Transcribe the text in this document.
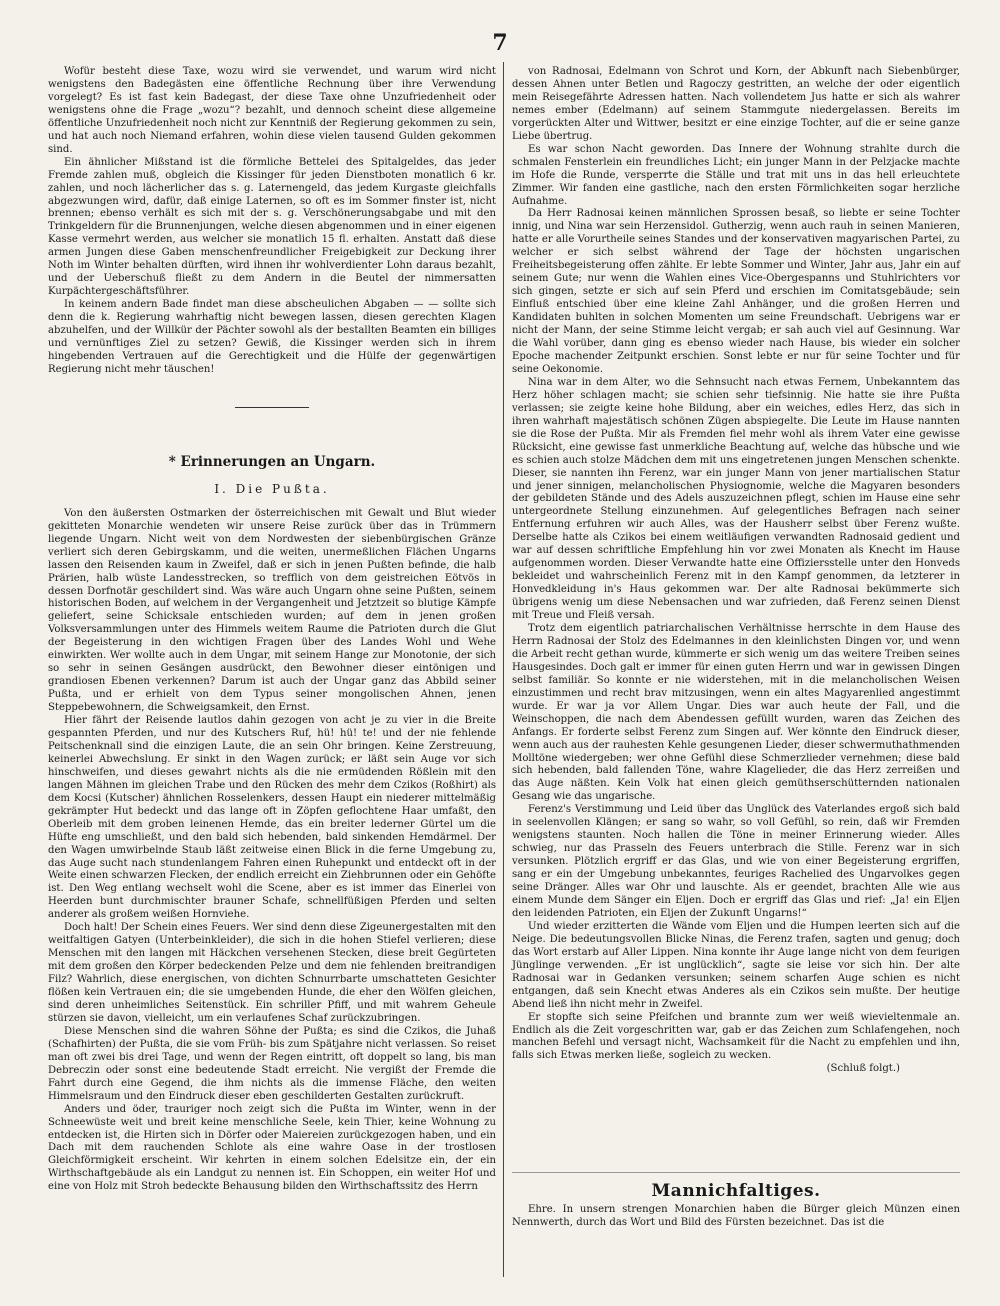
7

Wofür besteht diese Taxe, wozu wird sie verwendet, und warum wird nicht wenigstens den Badegästen eine öffentliche Rechnung über ihre Verwendung vorgelegt? Es ist fast kein Badegast, der diese Taxe ohne Unzufriedenheit oder wenigstens ohne die Frage „wozu“? bezahlt, und dennoch scheint diese allgemeine öffentliche Unzufriedenheit noch nicht zur Kenntniß der Regierung gekommen zu sein, und hat auch noch Niemand erfahren, wohin diese vielen tausend Gulden gekommen sind.

Ein ähnlicher Mißstand ist die förmliche Bettelei des Spitalgeldes, das jeder Fremde zahlen muß, obgleich die Kissinger für jeden Dienstboten monatlich 6 kr. zahlen, und noch lächerlicher das s. g. Laternengeld, das jedem Kurgaste gleichfalls abgezwungen wird, dafür, daß einige Laternen, so oft es im Sommer finster ist, nicht brennen; ebenso verhält es sich mit der s. g. Verschönerungsabgabe und mit den Trinkgeldern für die Brunnenjungen, welche diesen abgenommen und in einer eigenen Kasse vermehrt werden, aus welcher sie monatlich 15 fl. erhalten. Anstatt daß diese armen Jungen diese Gaben menschenfreundlicher Freigebigkeit zur Deckung ihrer Noth im Winter behalten dürften, wird ihnen ihr wohlverdienter Lohn daraus bezahlt, und der Ueberschuß fließt zu dem Andern in die Beutel der nimmersatten Kurpächtergeschäftsführer.

In keinem andern Bade findet man diese abscheulichen Abgaben — — sollte sich denn die k. Regierung wahrhaftig nicht bewegen lassen, diesen gerechten Klagen abzuhelfen, und der Willkür der Pächter sowohl als der bestallten Beamten ein billiges und vernünftiges Ziel zu setzen? Gewiß, die Kissinger werden sich in ihrem hingebenden Vertrauen auf die Gerechtigkeit und die Hülfe der gegenwärtigen Regierung nicht mehr täuschen!

* Erinnerungen an Ungarn.
I. Die Pußta.

Von den äußersten Ostmarken der österreichischen mit Gewalt und Blut wieder gekitteten Monarchie wendeten wir unsere Reise zurück über das in Trümmern liegende Ungarn. Nicht weit von dem Nordwesten der siebenbürgischen Gränze verliert sich deren Gebirgskamm, und die weiten, unermeßlichen Flächen Ungarns lassen den Reisenden kaum in Zweifel, daß er sich in jenen Pußten befinde, die halb Prärien, halb wüste Landesstrecken, so trefflich von dem geistreichen Eötvös in dessen Dorfnotär geschildert sind. Was wäre auch Ungarn ohne seine Pußten, seinem historischen Boden, auf welchem in der Vergangenheit und Jetztzeit so blutige Kämpfe geliefert, seine Schicksale entschieden wurden; auf dem in jenen großen Volksversammlungen unter des Himmels weitem Raume die Patrioten durch die Glut der Begeisterung in den wichtigen Fragen über des Landes Wohl und Wehe einwirkten. Wer wollte auch in dem Ungar, mit seinem Hange zur Monotonie, der sich so sehr in seinen Gesängen ausdrückt, den Bewohner dieser eintönigen und grandiosen Ebenen verkennen? Darum ist auch der Ungar ganz das Abbild seiner Pußta, und er erhielt von dem Typus seiner mongolischen Ahnen, jenen Steppebewohnern, die Schweigsamkeit, den Ernst.

Hier fährt der Reisende lautlos dahin gezogen von acht je zu vier in die Breite gespannten Pferden, und nur des Kutschers Ruf, hü! hü! te! und der nie fehlende Peitschenknall sind die einzigen Laute, die an sein Ohr bringen. Keine Zerstreuung, keinerlei Abwechslung. Er sinkt in den Wagen zurück; er läßt sein Auge vor sich hinschweifen, und dieses gewahrt nichts als die nie ermüdenden Rößlein mit den langen Mähnen im gleichen Trabe und den Rücken des mehr dem Czikos (Roßhirt) als dem Kocsi (Kutscher) ähnlichen Rosselenkers, dessen Haupt ein niederer mittelmäßig gekrämpter Hut bedeckt und das lange oft in Zöpfen geflochtene Haar umfaßt, den Oberleib mit dem groben leinenen Hemde, das ein breiter lederner Gürtel um die Hüfte eng umschließt, und den bald sich hebenden, bald sinkenden Hemdärmel. Der den Wagen umwirbelnde Staub läßt zeitweise einen Blick in die ferne Umgebung zu, das Auge sucht nach stundenlangem Fahren einen Ruhepunkt und entdeckt oft in der Weite einen schwarzen Flecken, der endlich erreicht ein Ziehbrunnen oder ein Gehöfte ist. Den Weg entlang wechselt wohl die Scene, aber es ist immer das Einerlei von Heerden bunt durchmischter brauner Schafe, schnellfüßigen Pferden und selten anderer als großem weißen Hornviehe.

Doch halt! Der Schein eines Feuers. Wer sind denn diese Zigeunergestalten mit den weitfaltigen Gatyen (Unterbeinkleider), die sich in die hohen Stiefel verlieren; diese Menschen mit den langen mit Häckchen versehenen Stecken, diese breit Gegürteten mit dem großen den Körper bedeckenden Pelze und dem nie fehlenden breitrandigen Filz? Wahrlich, diese energischen, von dichten Schnurrbarte umschatteten Gesichter flößen kein Vertrauen ein; die sie umgebenden Hunde, die eher den Wölfen gleichen, sind deren unheimliches Seitenstück. Ein schriller Pfiff, und mit wahrem Geheule stürzen sie davon, vielleicht, um ein verlaufenes Schaf zurückzubringen.

Diese Menschen sind die wahren Söhne der Pußta; es sind die Czikos, die Juhaß (Schafhirten) der Pußta, die sie vom Früh- bis zum Spätjahre nicht verlassen. So reiset man oft zwei bis drei Tage, und wenn der Regen eintritt, oft doppelt so lang, bis man Debreczin oder sonst eine bedeutende Stadt erreicht. Nie vergißt der Fremde die Fahrt durch eine Gegend, die ihm nichts als die immense Fläche, den weiten Himmelsraum und den Eindruck dieser eben geschilderten Gestalten zurückruft.

Anders und öder, trauriger noch zeigt sich die Pußta im Winter, wenn in der Schneewüste weit und breit keine menschliche Seele, kein Thier, keine Wohnung zu entdecken ist, die Hirten sich in Dörfer oder Maiereien zurückgezogen haben, und ein Dach mit dem rauchenden Schlote als eine wahre Oase in der trostlosen Gleichförmigkeit erscheint. Wir kehrten in einem solchen Edelsitze ein, der ein Wirthschaftgebäude als ein Landgut zu nennen ist. Ein Schoppen, ein weiter Hof und eine von Holz mit Stroh bedeckte Behausung bilden den Wirthschaftssitz des Herrn

von Radnosai, Edelmann von Schrot und Korn, der Abkunft nach Siebenbürger, dessen Ahnen unter Betlen und Ragoczy gestritten, an welche der oder eigentlich mein Reisegefährte Adressen hatten. Nach vollendetem Jus hatte er sich als wahrer nemes ember (Edelmann) auf seinem Stammgute niedergelassen. Bereits im vorgerückten Alter und Wittwer, besitzt er eine einzige Tochter, auf die er seine ganze Liebe übertrug.

Es war schon Nacht geworden. Das Innere der Wohnung strahlte durch die schmalen Fensterlein ein freundliches Licht; ein junger Mann in der Pelzjacke machte im Hofe die Runde, versperrte die Ställe und trat mit uns in das hell erleuchtete Zimmer. Wir fanden eine gastliche, nach den ersten Förmlichkeiten sogar herzliche Aufnahme.

Da Herr Radnosai keinen männlichen Sprossen besaß, so liebte er seine Tochter innig, und Nina war sein Herzensidol. Gutherzig, wenn auch rauh in seinen Manieren, hatte er alle Vorurtheile seines Standes und der konservativen magyarischen Partei, zu welcher er sich selbst während der Tage der höchsten ungarischen Freiheitsbegeisterung offen zählte. Er lebte Sommer und Winter, Jahr aus, Jahr ein auf seinem Gute; nur wenn die Wahlen eines Vice-Obergespanns und Stuhlrichters vor sich gingen, setzte er sich auf sein Pferd und erschien im Comitatsgebäude; sein Einfluß entschied über eine kleine Zahl Anhänger, und die großen Herren und Kandidaten buhlten in solchen Momenten um seine Freundschaft. Uebrigens war er nicht der Mann, der seine Stimme leicht vergab; er sah auch viel auf Gesinnung. War die Wahl vorüber, dann ging es ebenso wieder nach Hause, bis wieder ein solcher Epoche machender Zeitpunkt erschien. Sonst lebte er nur für seine Tochter und für seine Oekonomie.

Nina war in dem Alter, wo die Sehnsucht nach etwas Fernem, Unbekanntem das Herz höher schlagen macht; sie schien sehr tiefsinnig. Nie hatte sie ihre Pußta verlassen; sie zeigte keine hohe Bildung, aber ein weiches, edles Herz, das sich in ihren wahrhaft majestätisch schönen Zügen abspiegelte. Die Leute im Hause nannten sie die Rose der Pußta. Mir als Fremden fiel mehr wohl als ihrem Vater eine gewisse Rücksicht, eine gewisse fast unmerkliche Beachtung auf, welche das hübsche und wie es schien auch stolze Mädchen dem mit uns eingetretenen jungen Menschen schenkte. Dieser, sie nannten ihn Ferenz, war ein junger Mann von jener martialischen Statur und jener sinnigen, melancholischen Physiognomie, welche die Magyaren besonders der gebildeten Stände und des Adels auszuzeichnen pflegt, schien im Hause eine sehr untergeordnete Stellung einzunehmen. Auf gelegentliches Befragen nach seiner Entfernung erfuhren wir auch Alles, was der Hausherr selbst über Ferenz wußte. Derselbe hatte als Czikos bei einem weitläufigen verwandten Radnosaid gedient und war auf dessen schriftliche Empfehlung hin vor zwei Monaten als Knecht im Hause aufgenommen worden. Dieser Verwandte hatte eine Offiziersstelle unter den Honveds bekleidet und wahrscheinlich Ferenz mit in den Kampf genommen, da letzterer in Honvedkleidung in's Haus gekommen war. Der alte Radnosai bekümmerte sich übrigens wenig um diese Nebensachen und war zufrieden, daß Ferenz seinen Dienst mit Treue und Fleiß versah.

Trotz dem eigentlich patriarchalischen Verhältnisse herrschte in dem Hause des Herrn Radnosai der Stolz des Edelmannes in den kleinlichsten Dingen vor, und wenn die Arbeit recht gethan wurde, kümmerte er sich wenig um das weitere Treiben seines Hausgesindes. Doch galt er immer für einen guten Herrn und war in gewissen Dingen selbst familiär. So konnte er nie widerstehen, mit in die melancholischen Weisen einzustimmen und recht brav mitzusingen, wenn ein altes Magyarenlied angestimmt wurde. Er war ja vor Allem Ungar. Dies war auch heute der Fall, und die Weinschoppen, die nach dem Abendessen gefüllt wurden, waren das Zeichen des Anfangs. Er forderte selbst Ferenz zum Singen auf. Wer könnte den Eindruck dieser, wenn auch aus der rauhesten Kehle gesungenen Lieder, dieser schwermuthathmenden Molltöne wiedergeben; wer ohne Gefühl diese Schmerzlieder vernehmen; diese bald sich hebenden, bald fallenden Töne, wahre Klagelieder, die das Herz zerreißen und das Auge näßten. Kein Volk hat einen gleich gemüthserschütternden nationalen Gesang wie das ungarische.

Ferenz's Verstimmung und Leid über das Unglück des Vaterlandes ergoß sich bald in seelenvollen Klängen; er sang so wahr, so voll Gefühl, so rein, daß wir Fremden wenigstens staunten. Noch hallen die Töne in meiner Erinnerung wieder. Alles schwieg, nur das Prasseln des Feuers unterbrach die Stille. Ferenz war in sich versunken. Plötzlich ergriff er das Glas, und wie von einer Begeisterung ergriffen, sang er ein der Umgebung unbekanntes, feuriges Rachelied des Ungarvolkes gegen seine Dränger. Alles war Ohr und lauschte. Als er geendet, brachten Alle wie aus einem Munde dem Sänger ein Eljen. Doch er ergriff das Glas und rief: „Ja! ein Eljen den leidenden Patrioten, ein Eljen der Zukunft Ungarns!“

Und wieder erzitterten die Wände vom Eljen und die Humpen leerten sich auf die Neige. Die bedeutungsvollen Blicke Ninas, die Ferenz trafen, sagten und genug; doch das Wort erstarb auf Aller Lippen. Nina konnte ihr Auge lange nicht von dem feurigen Jünglinge verwenden. „Er ist unglücklich“, sagte sie leise vor sich hin. Der alte Radnosai war in Gedanken versunken; seinem scharfen Auge schien es nicht entgangen, daß sein Knecht etwas Anderes als ein Czikos sein mußte. Der heutige Abend ließ ihn nicht mehr in Zweifel.

Er stopfte sich seine Pfeifchen und brannte zum wer weiß wievieltenmale an. Endlich als die Zeit vorgeschritten war, gab er das Zeichen zum Schlafengehen, noch manchen Befehl und versagt nicht, Wachsamkeit für die Nacht zu empfehlen und ihn, falls sich Etwas merken ließe, sogleich zu wecken.

(Schluß folgt.)

Mannichfaltiges.

Ehre. In unsern strengen Monarchien haben die Bürger gleich Münzen einen Nennwerth, durch das Wort und Bild des Fürsten bezeichnet. Das ist die
